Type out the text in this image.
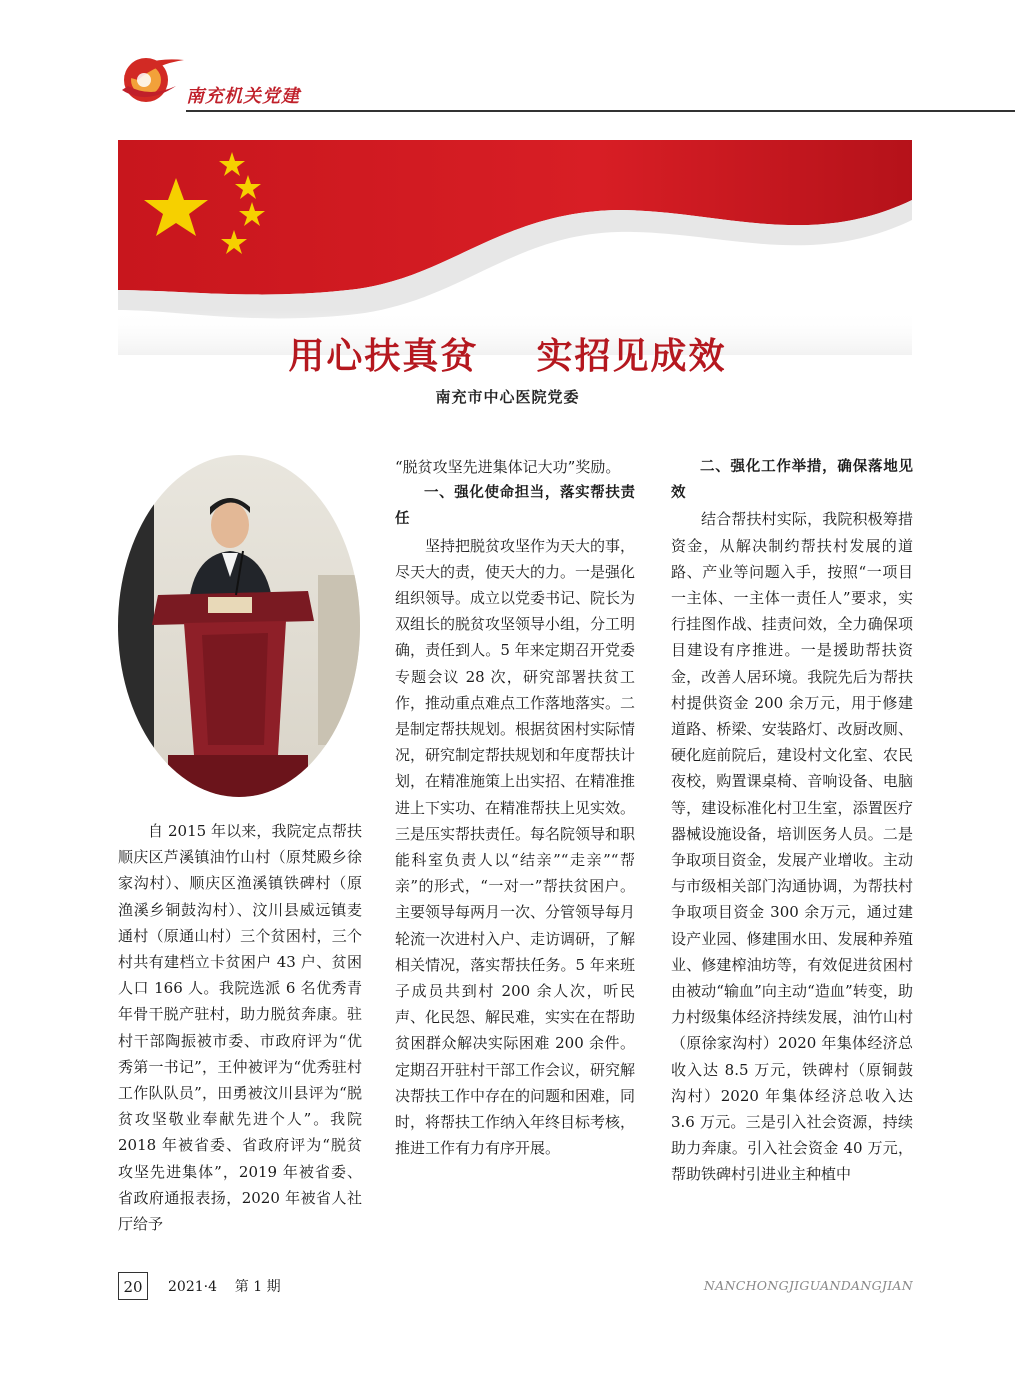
南充机关党建
用心扶真贫    实招见成效
南充市中心医院党委

自 2015 年以来，我院定点帮扶顺庆区芦溪镇油竹山村（原梵殿乡徐家沟村）、顺庆区渔溪镇铁碑村（原渔溪乡铜鼓沟村）、汶川县威远镇麦通村（原通山村）三个贫困村，三个村共有建档立卡贫困户 43 户、贫困人口 166 人。我院选派 6 名优秀青年骨干脱产驻村，助力脱贫奔康。驻村干部陶振被市委、市政府评为“优秀第一书记”，王仲被评为“优秀驻村工作队队员”，田勇被汶川县评为“脱贫攻坚敬业奉献先进个人”。我院 2018 年被省委、省政府评为“脱贫攻坚先进集体”，2019 年被省委、省政府通报表扬，2020 年被省人社厅给予

“脱贫攻坚先进集体记大功”奖励。

一、强化使命担当，落实帮扶责任

坚持把脱贫攻坚作为天大的事，尽天大的责，使天大的力。一是强化组织领导。成立以党委书记、院长为双组长的脱贫攻坚领导小组，分工明确，责任到人。5 年来定期召开党委专题会议 28 次，研究部署扶贫工作，推动重点难点工作落地落实。二是制定帮扶规划。根据贫困村实际情况，研究制定帮扶规划和年度帮扶计划，在精准施策上出实招、在精准推进上下实功、在精准帮扶上见实效。三是压实帮扶责任。每名院领导和职能科室负责人以“结亲”“走亲”“帮亲”的形式，“一对一”帮扶贫困户。主要领导每两月一次、分管领导每月轮流一次进村入户、走访调研，了解相关情况，落实帮扶任务。5 年来班子成员共到村 200 余人次，听民声、化民怨、解民难，实实在在帮助贫困群众解决实际困难 200 余件。定期召开驻村干部工作会议，研究解决帮扶工作中存在的问题和困难，同时，将帮扶工作纳入年终目标考核，推进工作有力有序开展。

二、强化工作举措，确保落地见效

结合帮扶村实际，我院积极筹措资金，从解决制约帮扶村发展的道路、产业等问题入手，按照“一项目一主体、一主体一责任人”要求，实行挂图作战、挂责问效，全力确保项目建设有序推进。一是援助帮扶资金，改善人居环境。我院先后为帮扶村提供资金 200 余万元，用于修建道路、桥梁、安装路灯、改厨改厕、硬化庭前院后，建设村文化室、农民夜校，购置课桌椅、音响设备、电脑等，建设标准化村卫生室，添置医疗器械设施设备，培训医务人员。二是争取项目资金，发展产业增收。主动与市级相关部门沟通协调，为帮扶村争取项目资金 300 余万元，通过建设产业园、修建围水田、发展种养殖业、修建榨油坊等，有效促进贫困村由被动“输血”向主动“造血”转变，助力村级集体经济持续发展，油竹山村（原徐家沟村）2020 年集体经济总收入达 8.5 万元，铁碑村（原铜鼓沟村）2020 年集体经济总收入达 3.6 万元。三是引入社会资源，持续助力奔康。引入社会资金 40 万元，帮助铁碑村引进业主种植中

20	2021·4    第 1 期	NANCHONGJIGUANDANGJIAN
